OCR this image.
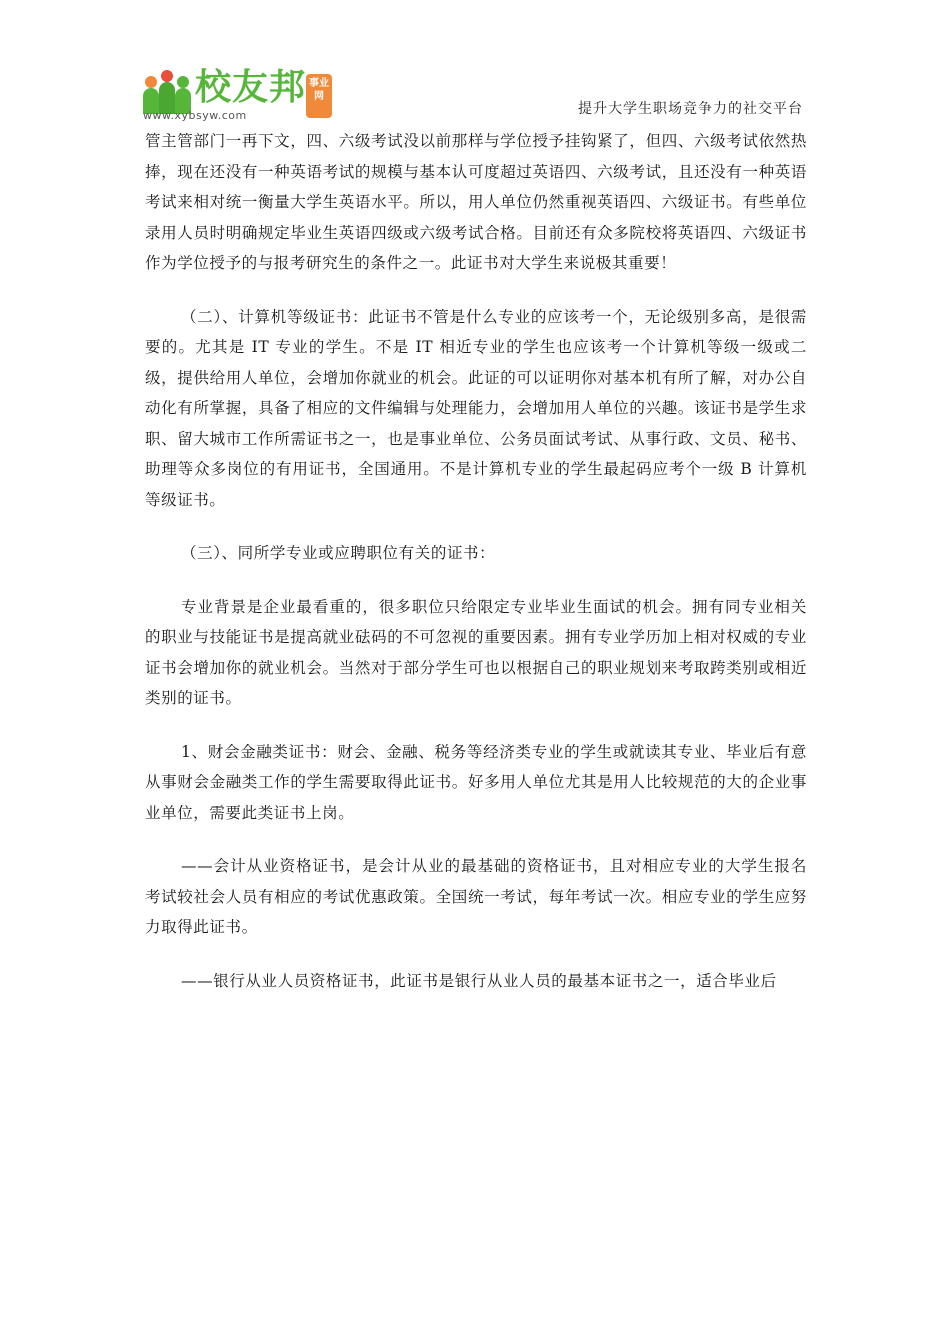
校友邦
www.xybsyw.com
事业网
提升大学生职场竞争力的社交平台

管主管部门一再下文，四、六级考试没以前那样与学位授予挂钩紧了，但四、六级考试依然热捧，现在还没有一种英语考试的规模与基本认可度超过英语四、六级考试，且还没有一种英语考试来相对统一衡量大学生英语水平。所以，用人单位仍然重视英语四、六级证书。有些单位录用人员时明确规定毕业生英语四级或六级考试合格。目前还有众多院校将英语四、六级证书作为学位授予的与报考研究生的条件之一。此证书对大学生来说极其重要！

（二）、计算机等级证书：此证书不管是什么专业的应该考一个，无论级别多高，是很需要的。尤其是 IT 专业的学生。不是 IT 相近专业的学生也应该考一个计算机等级一级或二级，提供给用人单位，会增加你就业的机会。此证的可以证明你对基本机有所了解，对办公自动化有所掌握，具备了相应的文件编辑与处理能力，会增加用人单位的兴趣。该证书是学生求职、留大城市工作所需证书之一，也是事业单位、公务员面试考试、从事行政、文员、秘书、助理等众多岗位的有用证书，全国通用。不是计算机专业的学生最起码应考个一级 B 计算机等级证书。

（三）、同所学专业或应聘职位有关的证书：

专业背景是企业最看重的，很多职位只给限定专业毕业生面试的机会。拥有同专业相关的职业与技能证书是提高就业砝码的不可忽视的重要因素。拥有专业学历加上相对权威的专业证书会增加你的就业机会。当然对于部分学生可也以根据自己的职业规划来考取跨类别或相近类别的证书。

1、财会金融类证书：财会、金融、税务等经济类专业的学生或就读其专业、毕业后有意从事财会金融类工作的学生需要取得此证书。好多用人单位尤其是用人比较规范的大的企业事业单位，需要此类证书上岗。

——会计从业资格证书，是会计从业的最基础的资格证书，且对相应专业的大学生报名考试较社会人员有相应的考试优惠政策。全国统一考试，每年考试一次。相应专业的学生应努力取得此证书。

——银行从业人员资格证书，此证书是银行从业人员的最基本证书之一，适合毕业后
